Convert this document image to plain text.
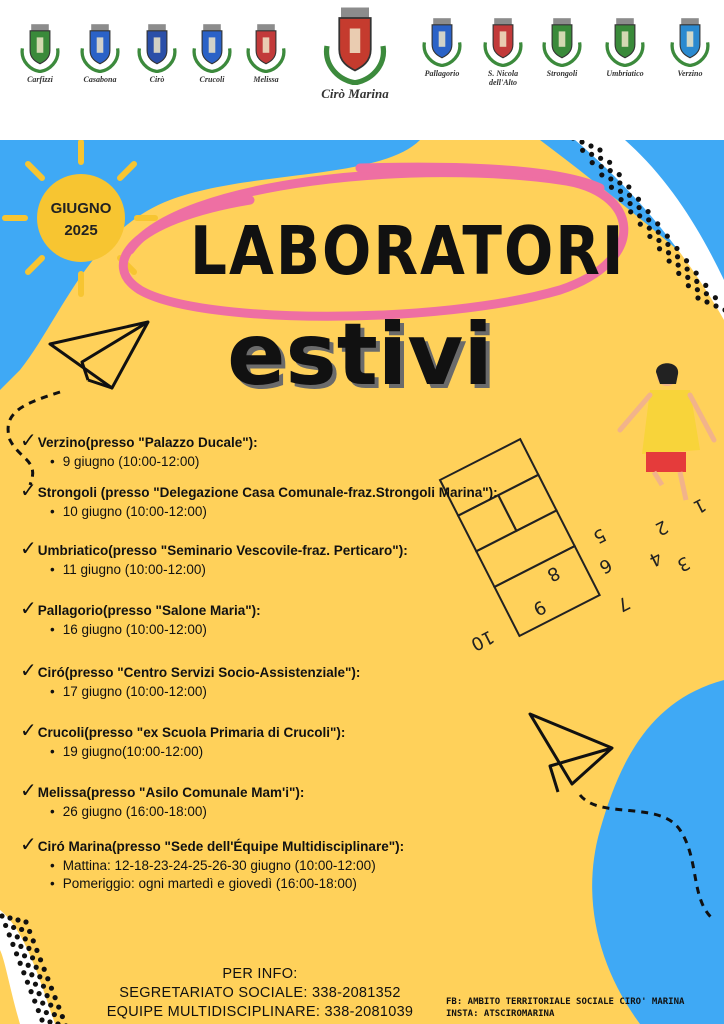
Carfizzi	Casabona	Cirò	Crucoli	Melissa
Pallagorio	S. Nicola
dell'Alto
Strongoli	Umbriatico	Verzino
Cirò Marina
1
2
3
4
5
6
7
8
9
10
GIUGNO
2025	LABORATORI
estivi
✓Verzino(presso "Palazzo Ducale"):
• 9 giugno (10:00-12:00)
✓Strongoli (presso "Delegazione Casa Comunale-fraz.Strongoli Marina"):
• 10 giugno (10:00-12:00)
✓Umbriatico(presso "Seminario Vescovile-fraz. Perticaro"):
• 11 giugno (10:00-12:00)
✓Pallagorio(presso "Salone Maria"):
• 16 giugno (10:00-12:00)
✓Ciró(presso "Centro Servizi Socio-Assistenziale"):
• 17 giugno (10:00-12:00)
✓Crucoli(presso "ex Scuola Primaria di Crucoli"):
• 19 giugno(10:00-12:00)
✓Melissa(presso "Asilo Comunale Mam'i"):
• 26 giugno (16:00-18:00)
✓Ciró Marina(presso "Sede dell'Équipe Multidisciplinare"):
• Mattina: 12-18-23-24-25-26-30 giugno (10:00-12:00)
• Pomeriggio: ogni martedì e giovedì (16:00-18:00)
PER INFO:
SEGRETARIATO SOCIALE: 338-2081352
EQUIPE MULTIDISCIPLINARE: 338-2081039
FB: AMBITO TERRITORIALE SOCIALE CIRO' MARINA
INSTA: ATSCIROMARINA
